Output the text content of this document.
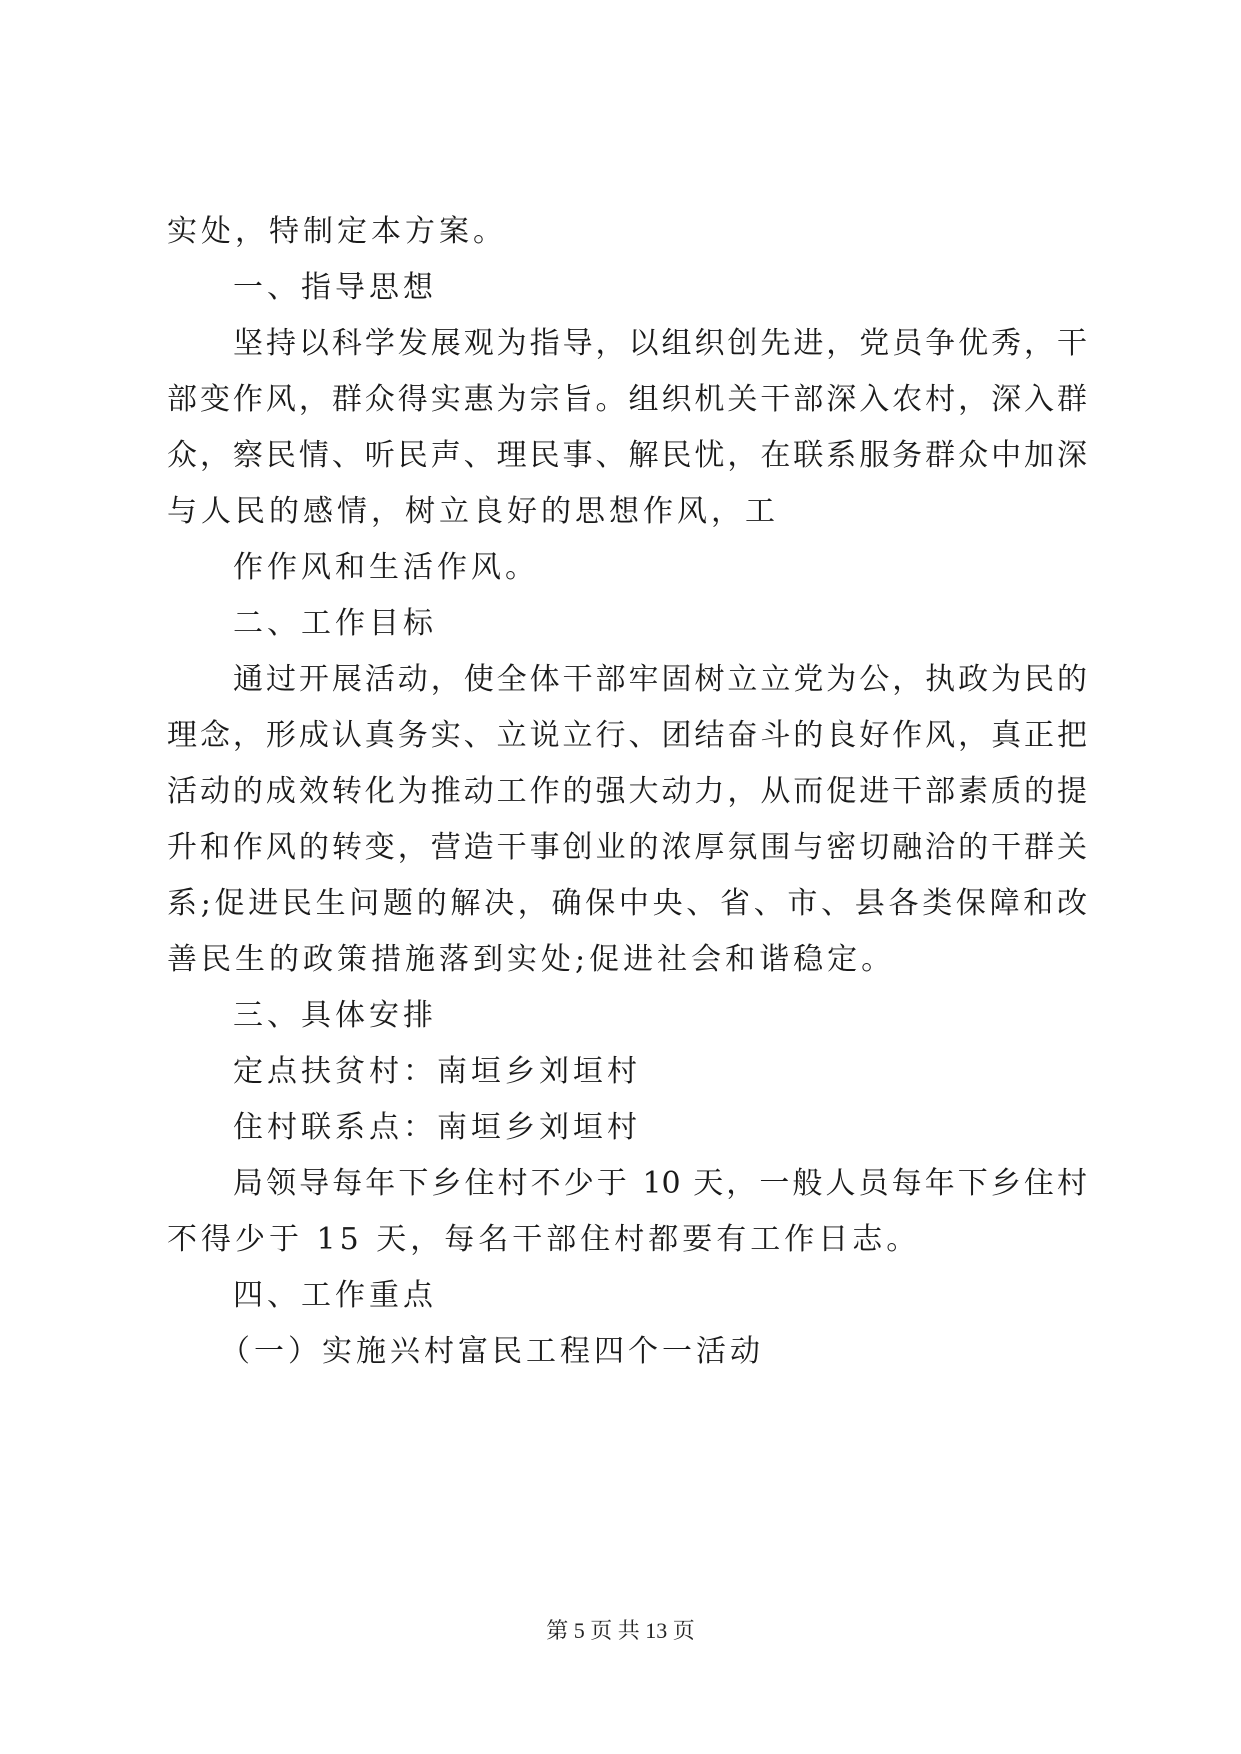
实处，特制定本方案。
一、指导思想
坚持以科学发展观为指导，以组织创先进，党员争优秀，干
部变作风，群众得实惠为宗旨。组织机关干部深入农村，深入群
众，察民情、听民声、理民事、解民忧，在联系服务群众中加深
与人民的感情，树立良好的思想作风，工
作作风和生活作风。
二、工作目标
通过开展活动，使全体干部牢固树立立党为公，执政为民的
理念，形成认真务实、立说立行、团结奋斗的良好作风，真正把
活动的成效转化为推动工作的强大动力，从而促进干部素质的提
升和作风的转变，营造干事创业的浓厚氛围与密切融洽的干群关
系;促进民生问题的解决，确保中央、省、市、县各类保障和改
善民生的政策措施落到实处;促进社会和谐稳定。
三、具体安排
定点扶贫村：南垣乡刘垣村
住村联系点：南垣乡刘垣村
局领导每年下乡住村不少于 10 天，一般人员每年下乡住村
不得少于 15 天，每名干部住村都要有工作日志。
四、工作重点
（一）实施兴村富民工程四个一活动
第 5 页 共 13 页
